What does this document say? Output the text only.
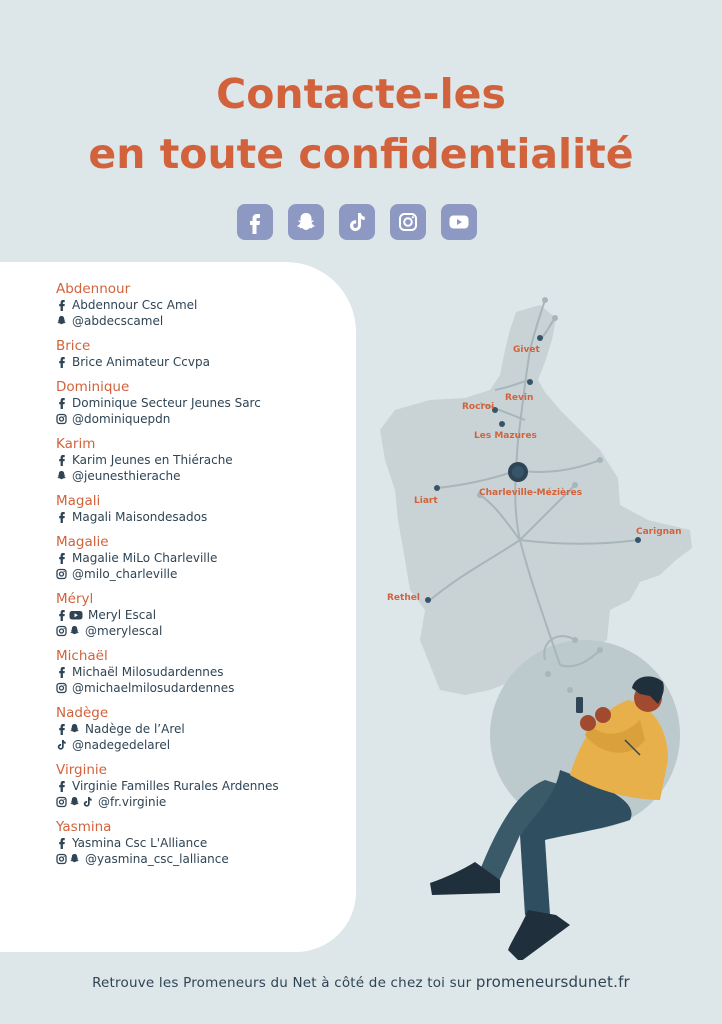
Contacte-les
en toute confidentialité
Givet
Revin
Rocroi
Les Mazures
Charleville-Mézières
Liart
Carignan
Rethel
Abdennour
Abdennour Csc Amel
@abdecscamel
Brice
Brice Animateur Ccvpa
Dominique
Dominique Secteur Jeunes Sarc
@dominiquepdn
Karim
Karim Jeunes en Thiérache
@jeunesthierache
Magali
Magali Maisondesados
Magalie
Magalie MiLo Charleville
@milo_charleville
Méryl
Meryl Escal
@merylescal
Michaël
Michaël Milosudardennes
@michaelmilosudardennes
Nadège
Nadège de l’Arel
@nadegedelarel
Virginie
Virginie Familles Rurales Ardennes
@fr.virginie
Yasmina
Yasmina Csc L'Alliance
@yasmina_csc_lalliance
Retrouve les Promeneurs du Net à côté de chez toi sur promeneursdunet.fr
